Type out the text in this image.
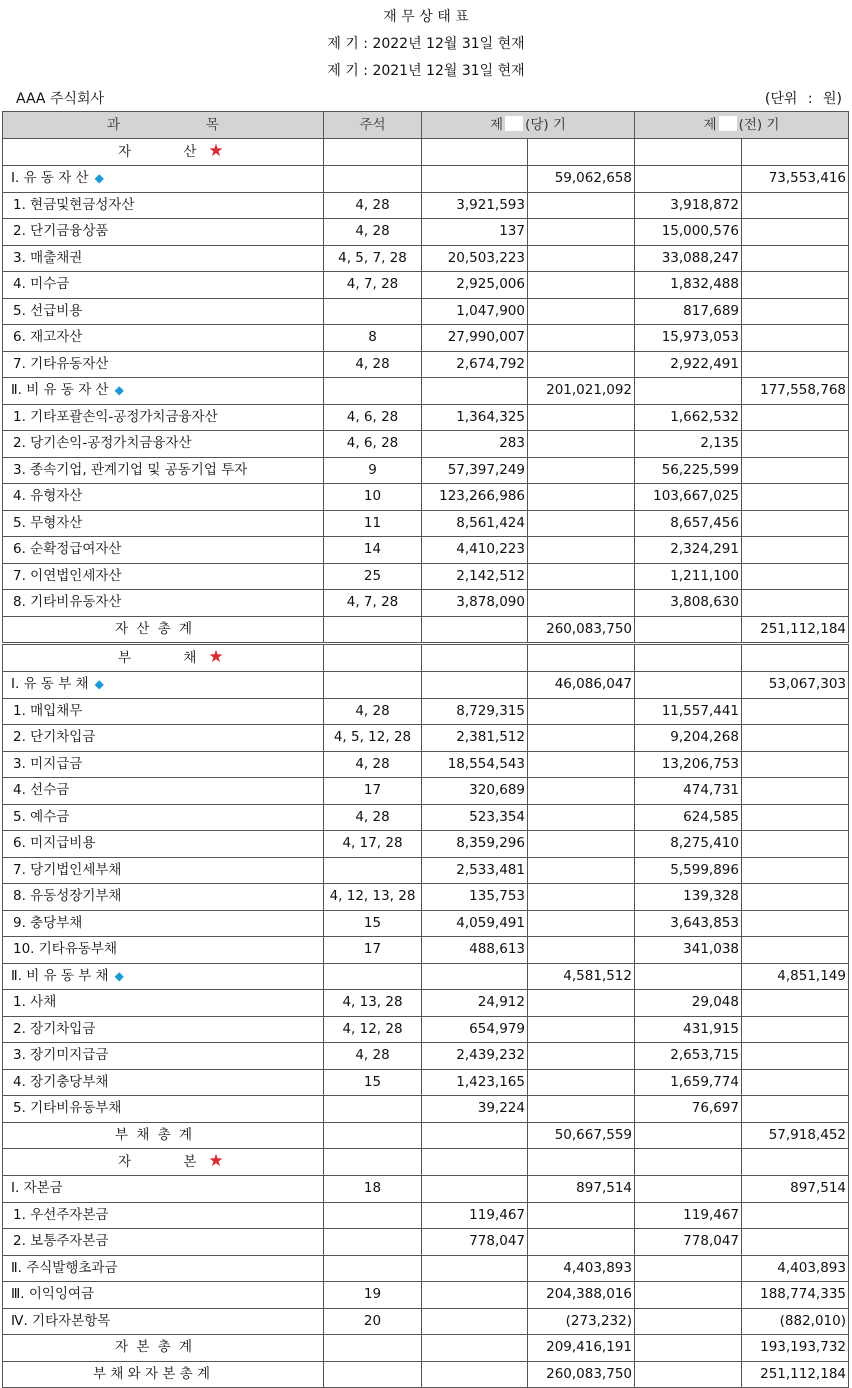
재 무 상 태 표
제 기 : 2022년 12월 31일 현재
제 기 : 2021년 12월 31일 현재
AAA 주식회사	(단위 : 원)
과                    목	주석	제 (당) 기		제 (전) 기	
자        산 ★					
Ⅰ. 유 동 자 산 ◆			59,062,658		73,553,416
1. 현금및현금성자산	4, 28	3,921,593		3,918,872	
2. 단기금융상품	4, 28	137		15,000,576	
3. 매출채권	4, 5, 7, 28	20,503,223		33,088,247	
4. 미수금	4, 7, 28	2,925,006		1,832,488	
5. 선급비용		1,047,900		817,689	
6. 재고자산	8	27,990,007		15,973,053	
7. 기타유동자산	4, 28	2,674,792		2,922,491	
Ⅱ. 비 유 동 자 산 ◆			201,021,092		177,558,768
1. 기타포괄손익-공정가치금융자산	4, 6, 28	1,364,325		1,662,532	
2. 당기손익-공정가치금융자산	4, 6, 28	283		2,135	
3. 종속기업, 관계기업 및 공동기업 투자	9	57,397,249		56,225,599	
4. 유형자산	10	123,266,986		103,667,025	
5. 무형자산	11	8,561,424		8,657,456	
6. 순확정급여자산	14	4,410,223		2,324,291	
7. 이연법인세자산	25	2,142,512		1,211,100	
8. 기타비유동자산	4, 7, 28	3,878,090		3,808,630	
자 산 총 계			260,083,750		251,112,184
부        채 ★					
Ⅰ. 유 동 부 채 ◆			46,086,047		53,067,303
1. 매입채무	4, 28	8,729,315		11,557,441	
2. 단기차입금	4, 5, 12, 28	2,381,512		9,204,268	
3. 미지급금	4, 28	18,554,543		13,206,753	
4. 선수금	17	320,689		474,731	
5. 예수금	4, 28	523,354		624,585	
6. 미지급비용	4, 17, 28	8,359,296		8,275,410	
7. 당기법인세부채		2,533,481		5,599,896	
8. 유동성장기부채	4, 12, 13, 28	135,753		139,328	
9. 충당부채	15	4,059,491		3,643,853	
10. 기타유동부채	17	488,613		341,038	
Ⅱ. 비 유 동 부 채 ◆			4,581,512		4,851,149
1. 사채	4, 13, 28	24,912		29,048	
2. 장기차입금	4, 12, 28	654,979		431,915	
3. 장기미지급금	4, 28	2,439,232		2,653,715	
4. 장기충당부채	15	1,423,165		1,659,774	
5. 기타비유동부채		39,224		76,697	
부 채 총 계			50,667,559		57,918,452
자        본 ★					
Ⅰ. 자본금	18		897,514		897,514
1. 우선주자본금		119,467		119,467	
2. 보통주자본금		778,047		778,047	
Ⅱ. 주식발행초과금			4,403,893		4,403,893
Ⅲ. 이익잉여금	19		204,388,016		188,774,335
Ⅳ. 기타자본항목	20		(273,232)		(882,010)
자 본 총 계			209,416,191		193,193,732
부 채 와 자 본 총 계			260,083,750		251,112,184
